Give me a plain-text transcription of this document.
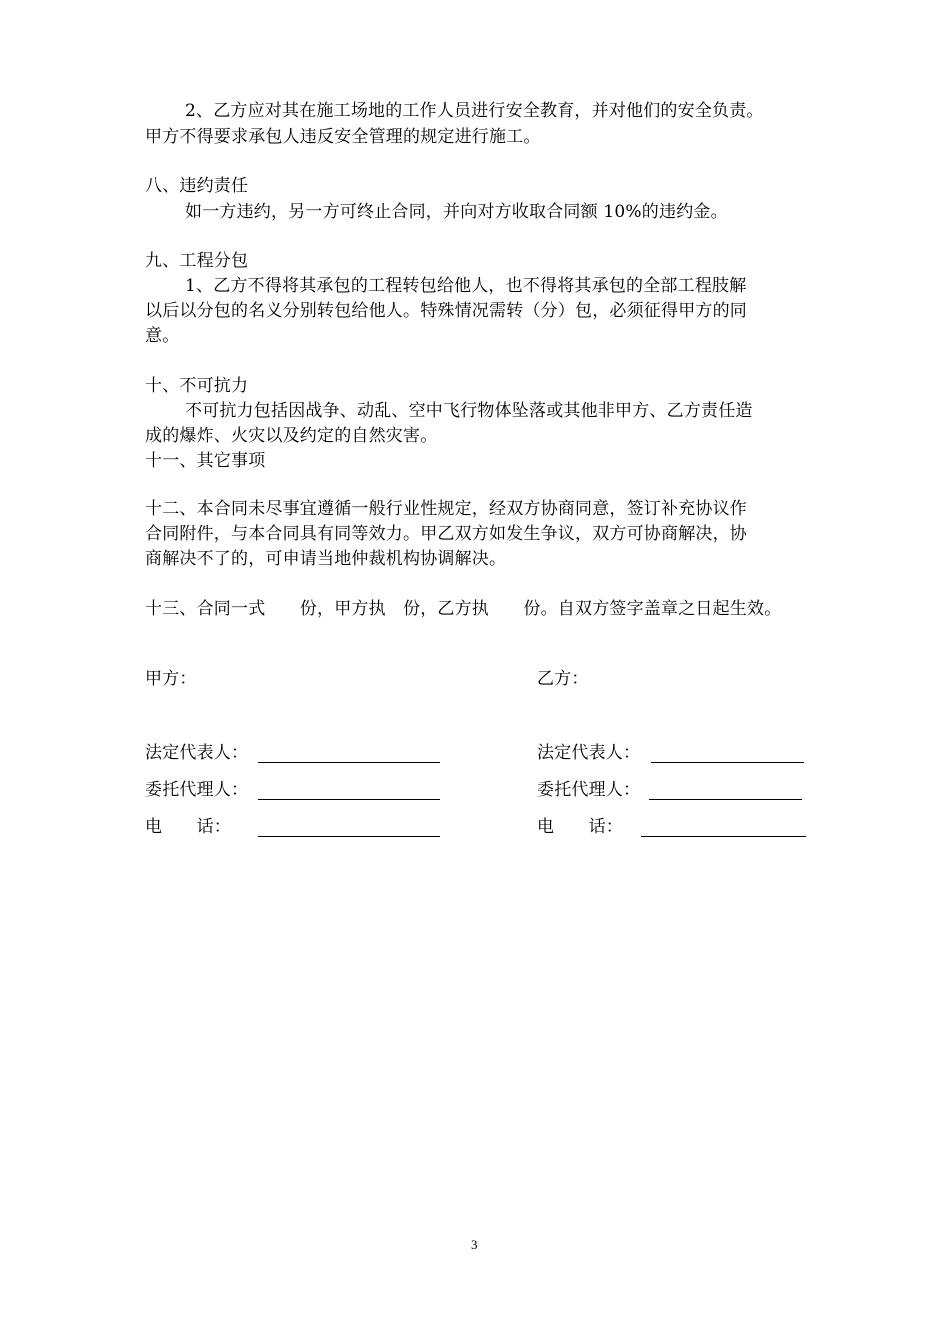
2、乙方应对其在施工场地的工作人员进行安全教育，并对他们的安全负责。
甲方不得要求承包人违反安全管理的规定进行施工。
八、违约责任
如一方违约，另一方可终止合同，并向对方收取合同额 10%的违约金。
九、工程分包
1、乙方不得将其承包的工程转包给他人，也不得将其承包的全部工程肢解
以后以分包的名义分别转包给他人。特殊情况需转（分）包，必须征得甲方的同
意。
十、不可抗力
不可抗力包括因战争、动乱、空中飞行物体坠落或其他非甲方、乙方责任造
成的爆炸、火灾以及约定的自然灾害。
十一、其它事项
十二、本合同未尽事宜遵循一般行业性规定，经双方协商同意，签订补充协议作
合同附件，与本合同具有同等效力。甲乙双方如发生争议，双方可协商解决，协
商解决不了的，可申请当地仲裁机构协调解决。
十三、合同一式　　份，甲方执　份，乙方执　　份。自双方签字盖章之日起生效。
甲方：	乙方：
法定代表人：	法定代表人：
委托代理人：	委托代理人：
电　　话：	电　　话：
3
